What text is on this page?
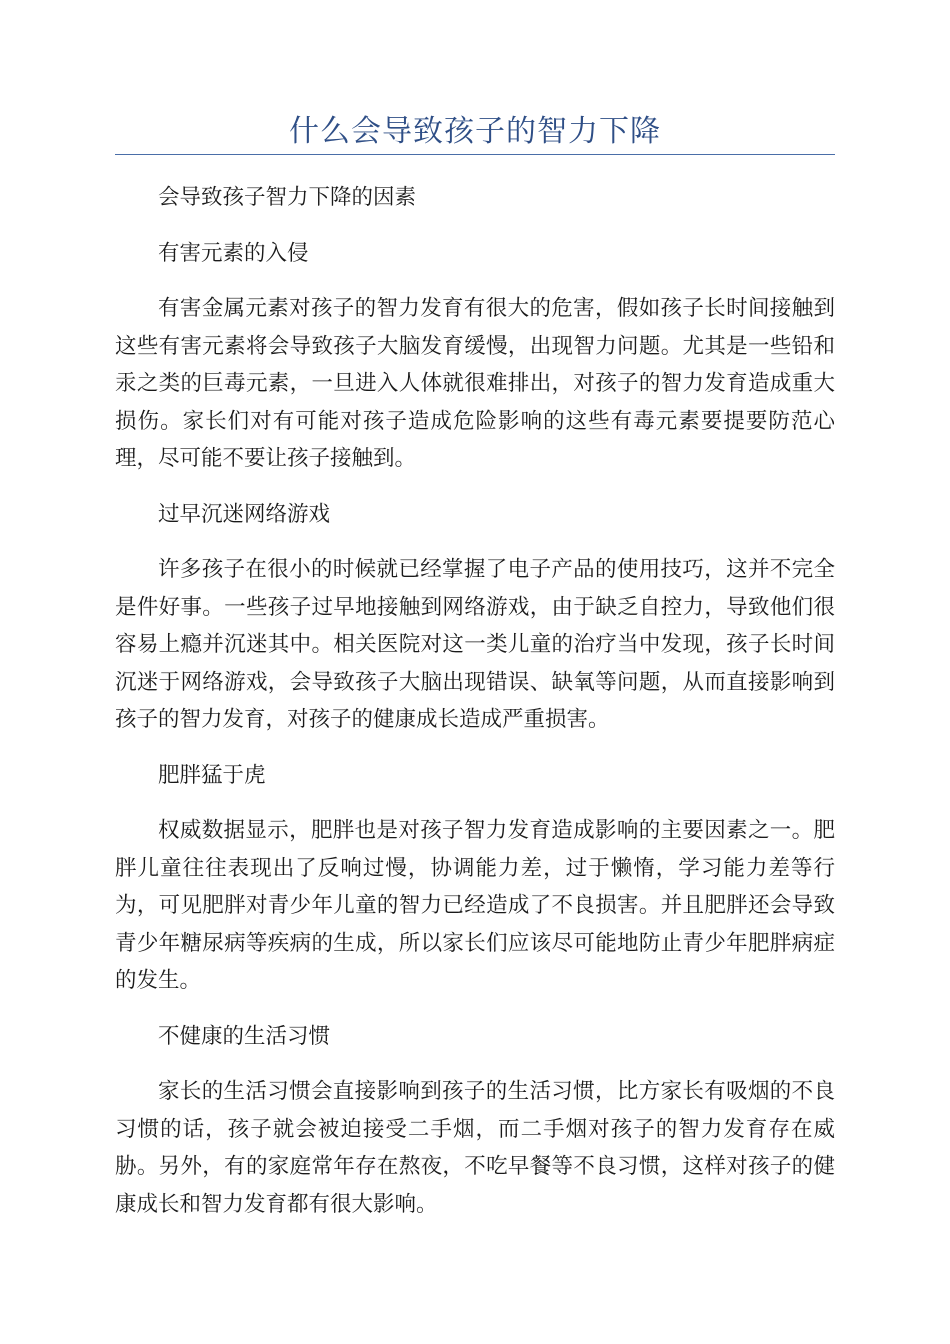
什么会导致孩子的智力下降

会导致孩子智力下降的因素

有害元素的入侵

有害金属元素对孩子的智力发育有很大的危害，假如孩子长时间接触到这些有害元素将会导致孩子大脑发育缓慢，出现智力问题。尤其是一些铅和汞之类的巨毒元素，一旦进入人体就很难排出，对孩子的智力发育造成重大损伤。家长们对有可能对孩子造成危险影响的这些有毒元素要提要防范心理，尽可能不要让孩子接触到。

过早沉迷网络游戏

许多孩子在很小的时候就已经掌握了电子产品的使用技巧，这并不完全是件好事。一些孩子过早地接触到网络游戏，由于缺乏自控力，导致他们很容易上瘾并沉迷其中。相关医院对这一类儿童的治疗当中发现，孩子长时间沉迷于网络游戏，会导致孩子大脑出现错误、缺氧等问题，从而直接影响到孩子的智力发育，对孩子的健康成长造成严重损害。

肥胖猛于虎

权威数据显示，肥胖也是对孩子智力发育造成影响的主要因素之一。肥胖儿童往往表现出了反响过慢，协调能力差，过于懒惰，学习能力差等行为，可见肥胖对青少年儿童的智力已经造成了不良损害。并且肥胖还会导致青少年糖尿病等疾病的生成，所以家长们应该尽可能地防止青少年肥胖病症的发生。

不健康的生活习惯

家长的生活习惯会直接影响到孩子的生活习惯，比方家长有吸烟的不良习惯的话，孩子就会被迫接受二手烟，而二手烟对孩子的智力发育存在威胁。另外，有的家庭常年存在熬夜，不吃早餐等不良习惯，这样对孩子的健康成长和智力发育都有很大影响。
